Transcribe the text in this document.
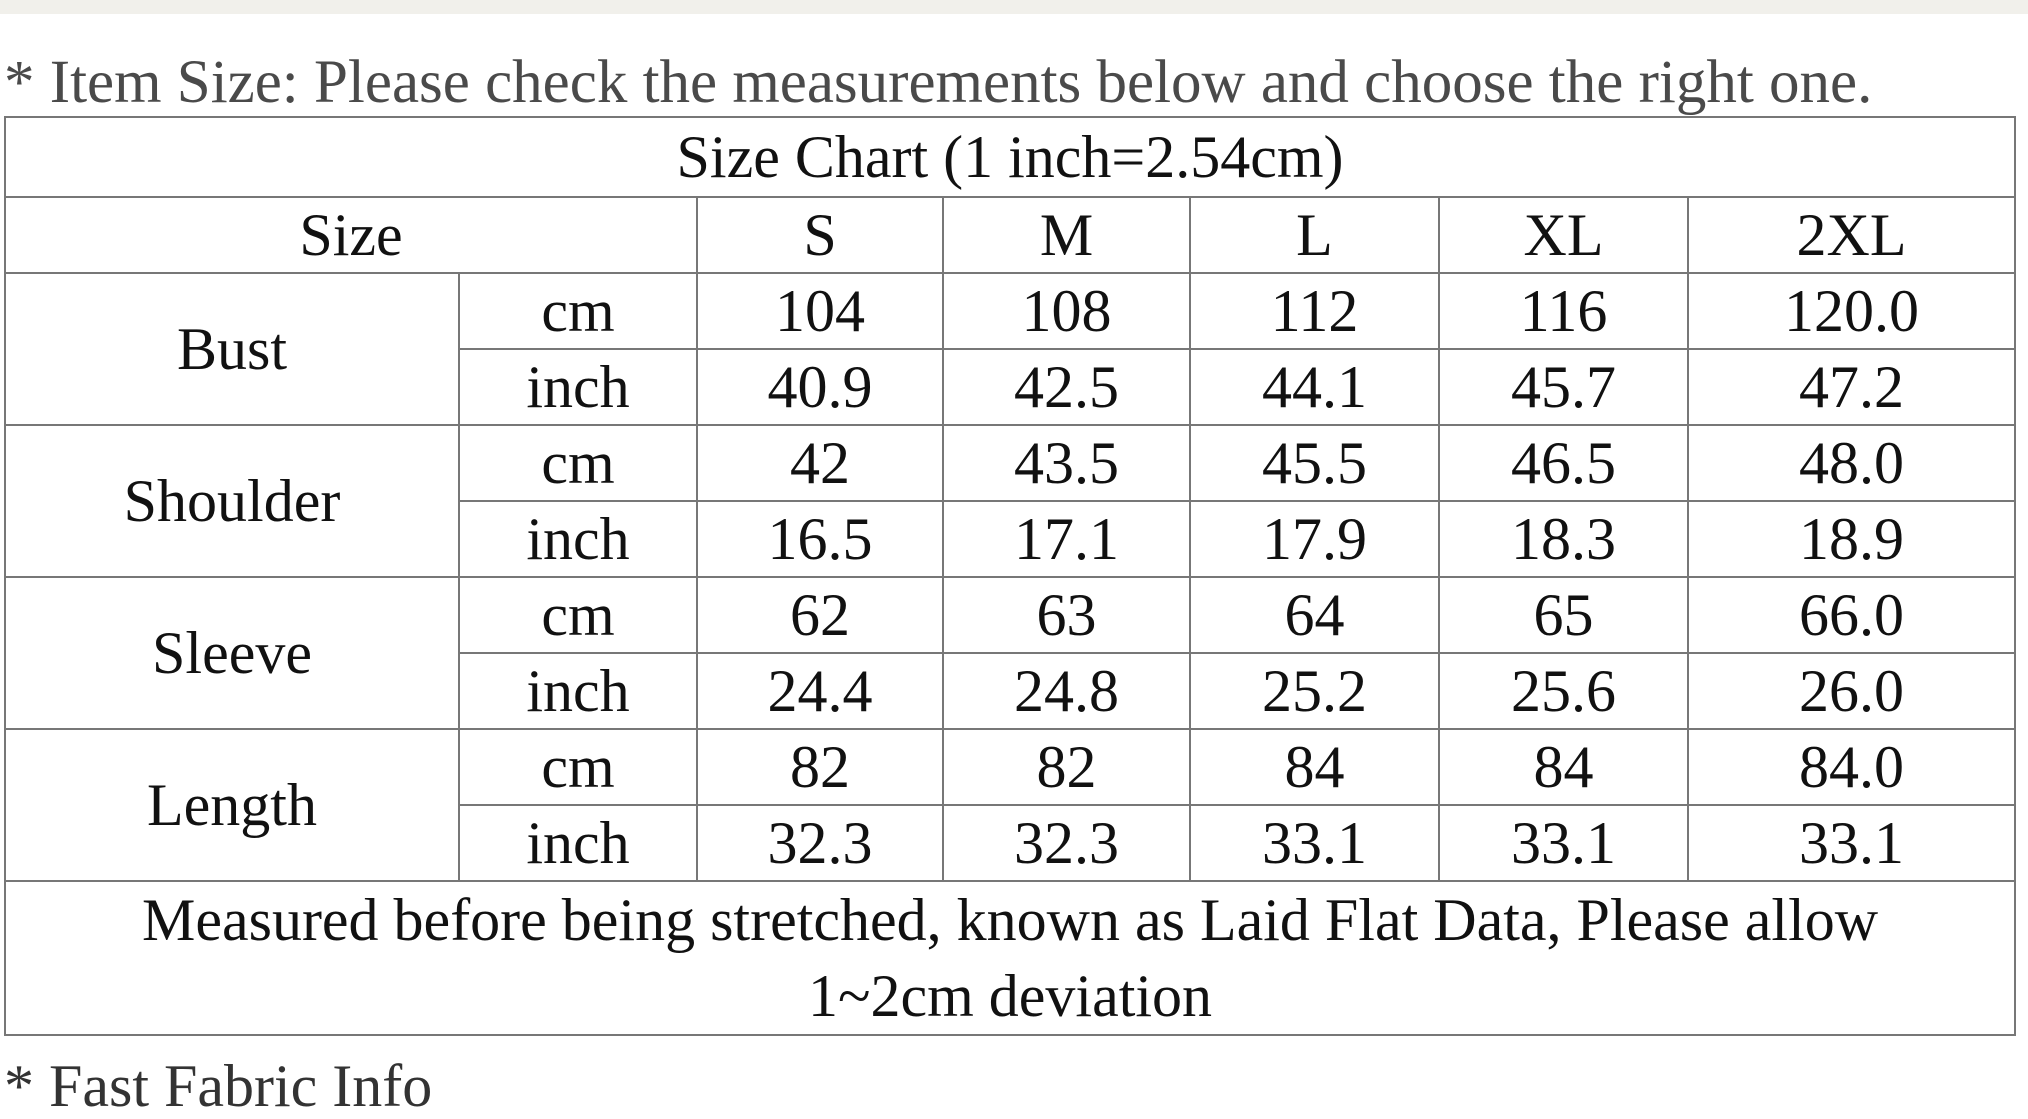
* Item Size: Please check the measurements below and choose the right one.
Size Chart (1 inch=2.54cm)						
Size		S	M	L	XL	2XL
Bust	cm	104	108	112	116	120.0
	inch	40.9	42.5	44.1	45.7	47.2
Shoulder	cm	42	43.5	45.5	46.5	48.0
	inch	16.5	17.1	17.9	18.3	18.9
Sleeve	cm	62	63	64	65	66.0
	inch	24.4	24.8	25.2	25.6	26.0
Length	cm	82	82	84	84	84.0
	inch	32.3	32.3	33.1	33.1	33.1
Measured before being stretched, known as Laid Flat Data, Please allow
1~2cm deviation						
* Fast Fabric Info
